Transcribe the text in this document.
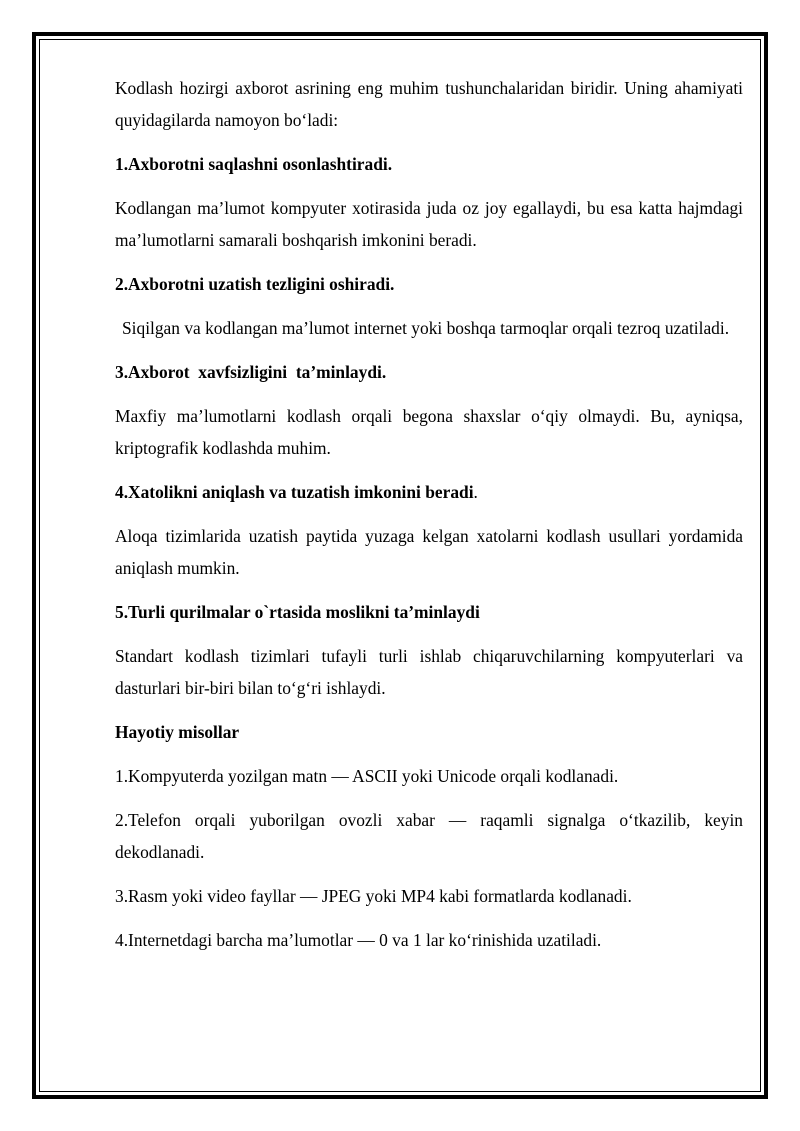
Kodlash hozirgi axborot asrining eng muhim tushunchalaridan biridir. Uning ahamiyati quyidagilarda namoyon bo‘ladi:

1.Axborotni saqlashni osonlashtiradi.

Kodlangan ma’lumot kompyuter xotirasida juda oz joy egallaydi, bu esa katta hajmdagi ma’lumotlarni samarali boshqarish imkonini beradi.

2.Axborotni uzatish tezligini oshiradi.

Siqilgan va kodlangan ma’lumot internet yoki boshqa tarmoqlar orqali tezroq uzatiladi.

3.Axborot  xavfsizligini  ta’minlaydi.

Maxfiy ma’lumotlarni kodlash orqali begona shaxslar o‘qiy olmaydi. Bu, ayniqsa, kriptografik kodlashda muhim.

4.Xatolikni aniqlash va tuzatish imkonini beradi.

Aloqa tizimlarida uzatish paytida yuzaga kelgan xatolarni kodlash usullari yordamida aniqlash mumkin.

5.Turli qurilmalar o`rtasida moslikni ta’minlaydi

Standart kodlash tizimlari tufayli turli ishlab chiqaruvchilarning kompyuterlari va dasturlari bir-biri bilan to‘g‘ri ishlaydi.

Hayotiy misollar

1.Kompyuterda yozilgan matn — ASCII yoki Unicode orqali kodlanadi.

2.Telefon orqali yuborilgan ovozli xabar — raqamli signalga o‘tkazilib, keyin dekodlanadi.

3.Rasm yoki video fayllar — JPEG yoki MP4 kabi formatlarda kodlanadi.

4.Internetdagi barcha ma’lumotlar — 0 va 1 lar ko‘rinishida uzatiladi.
